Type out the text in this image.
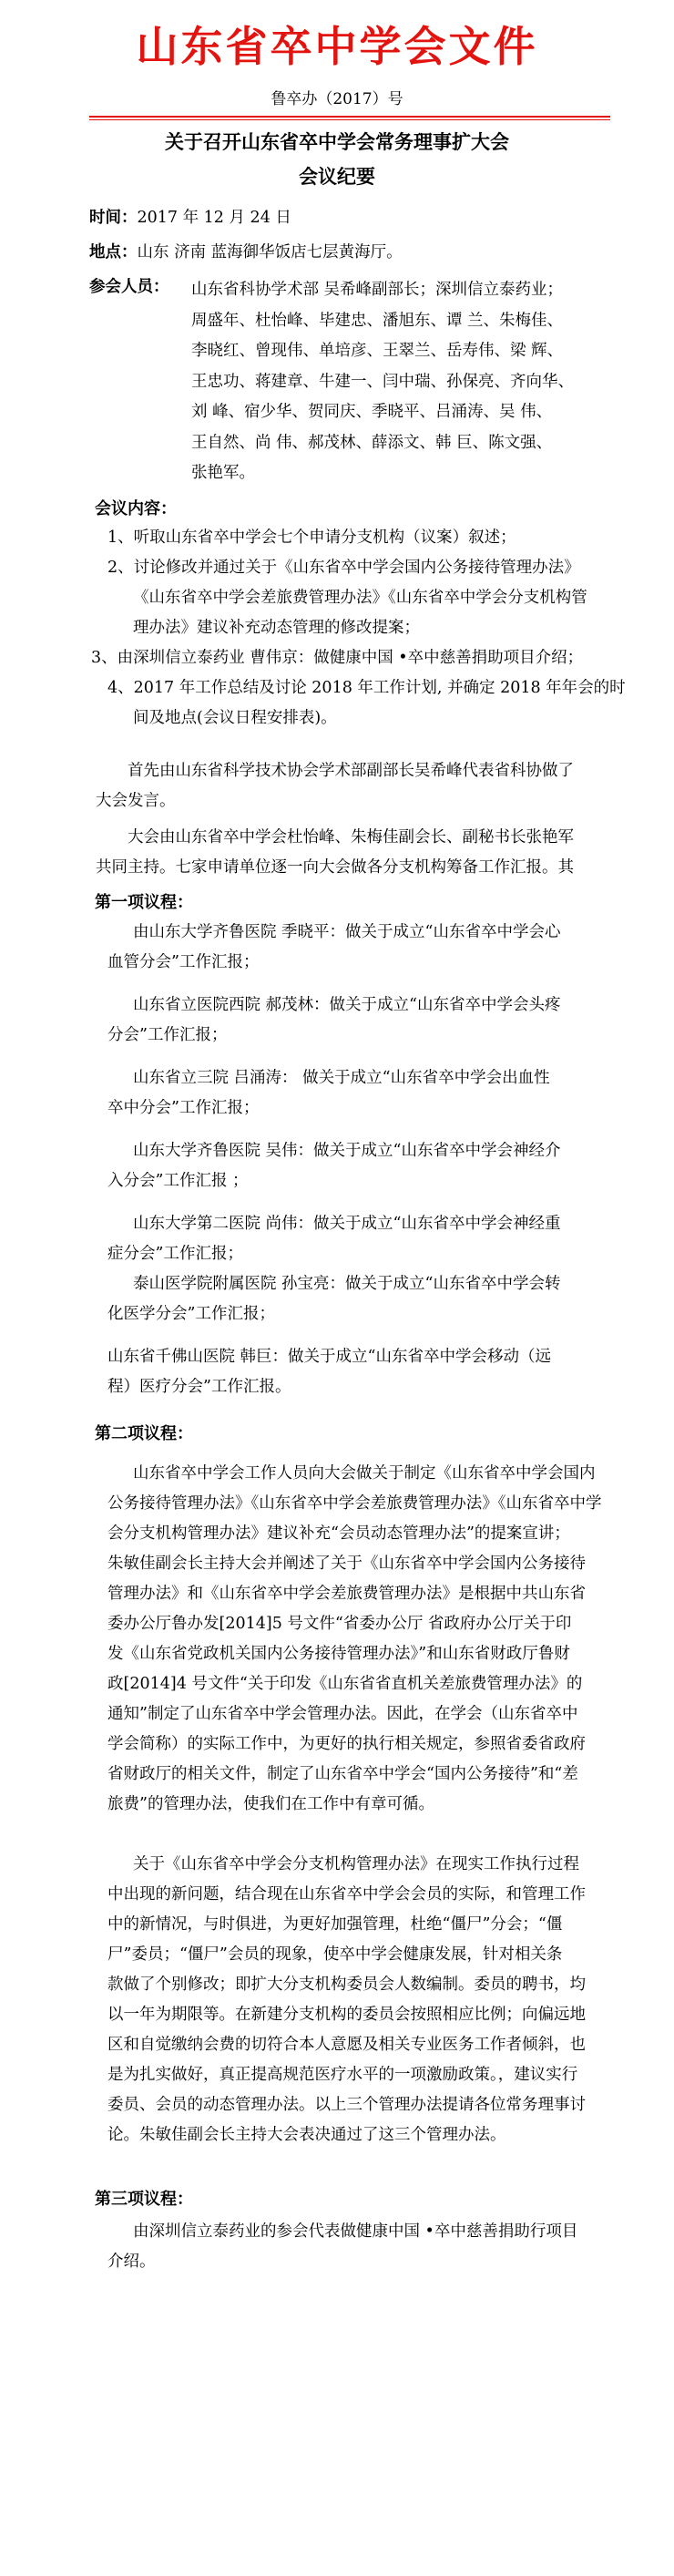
山东省卒中学会文件
鲁卒办（2017）号
关于召开山东省卒中学会常务理事扩大会
会议纪要
时间：2017 年 12 月 24 日
地点：山东 济南 蓝海御华饭店七层黄海厅。
参会人员： 山东省科协学术部 吴希峰副部长；深圳信立泰药业；
周盛年、杜怡峰、毕建忠、潘旭东、谭 兰、朱梅佳、
李晓红、曾现伟、单培彦、王翠兰、岳寿伟、梁 辉、
王忠功、蒋建章、牛建一、闫中瑞、孙保亮、齐向华、
刘 峰、宿少华、贺同庆、季晓平、吕涌涛、吴 伟、
王自然、尚 伟、郝茂林、薛添文、韩 巨、陈文强、
张艳军。
会议内容：
1、听取山东省卒中学会七个申请分支机构（议案）叙述；
2、讨论修改并通过关于《山东省卒中学会国内公务接待管理办法》
《山东省卒中学会差旅费管理办法》《山东省卒中学会分支机构管
理办法》建议补充动态管理的修改提案；
3、由深圳信立泰药业 曹伟京：做健康中国 •卒中慈善捐助项目介绍；
4、2017 年工作总结及讨论 2018 年工作计划, 并确定 2018 年年会的时
间及地点(会议日程安排表)。
首先由山东省科学技术协会学术部副部长吴希峰代表省科协做了大会发言。
大会由山东省卒中学会杜怡峰、朱梅佳副会长、副秘书长张艳军共同主持。七家申请单位逐一向大会做各分支机构筹备工作汇报。其
第一项议程：
由山东大学齐鲁医院 季晓平：做关于成立“山东省卒中学会心
血管分会”工作汇报；
山东省立医院西院 郝茂林：做关于成立“山东省卒中学会头疼
分会”工作汇报；
山东省立三院 吕涌涛： 做关于成立“山东省卒中学会出血性
卒中分会”工作汇报；
山东大学齐鲁医院 吴伟：做关于成立“山东省卒中学会神经介
入分会”工作汇报 ；
山东大学第二医院 尚伟：做关于成立“山东省卒中学会神经重
症分会”工作汇报；
泰山医学院附属医院 孙宝亮：做关于成立“山东省卒中学会转
化医学分会”工作汇报；
山东省千佛山医院 韩巨：做关于成立“山东省卒中学会移动（远
程）医疗分会”工作汇报。
第二项议程：
山东省卒中学会工作人员向大会做关于制定《山东省卒中学会国内
公务接待管理办法》《山东省卒中学会差旅费管理办法》《山东省卒中学
会分支机构管理办法》建议补充“会员动态管理办法”的提案宣讲；
朱敏佳副会长主持大会并阐述了关于《山东省卒中学会国内公务接待
管理办法》和《山东省卒中学会差旅费管理办法》是根据中共山东省
委办公厅鲁办发[2014]5 号文件“省委办公厅 省政府办公厅关于印
发《山东省党政机关国内公务接待管理办法》”和山东省财政厅鲁财
政[2014]4 号文件“关于印发《山东省省直机关差旅费管理办法》的
通知”制定了山东省卒中学会管理办法。因此，在学会（山东省卒中
学会简称）的实际工作中，为更好的执行相关规定，参照省委省政府
省财政厅的相关文件，制定了山东省卒中学会“国内公务接待”和“差
旅费”的管理办法，使我们在工作中有章可循。
关于《山东省卒中学会分支机构管理办法》在现实工作执行过程
中出现的新问题，结合现在山东省卒中学会会员的实际，和管理工作
中的新情况，与时俱进，为更好加强管理，杜绝“僵尸”分会；“僵
尸”委员；“僵尸”会员的现象，使卒中学会健康发展，针对相关条
款做了个别修改；即扩大分支机构委员会人数编制。委员的聘书，均
以一年为期限等。在新建分支机构的委员会按照相应比例；向偏远地
区和自觉缴纳会费的切符合本人意愿及相关专业医务工作者倾斜，也
是为扎实做好，真正提高规范医疗水平的一项激励政策。，建议实行
委员、会员的动态管理办法。以上三个管理办法提请各位常务理事讨
论。朱敏佳副会长主持大会表决通过了这三个管理办法。
第三项议程：
由深圳信立泰药业的参会代表做健康中国 •卒中慈善捐助行项目
介绍。
